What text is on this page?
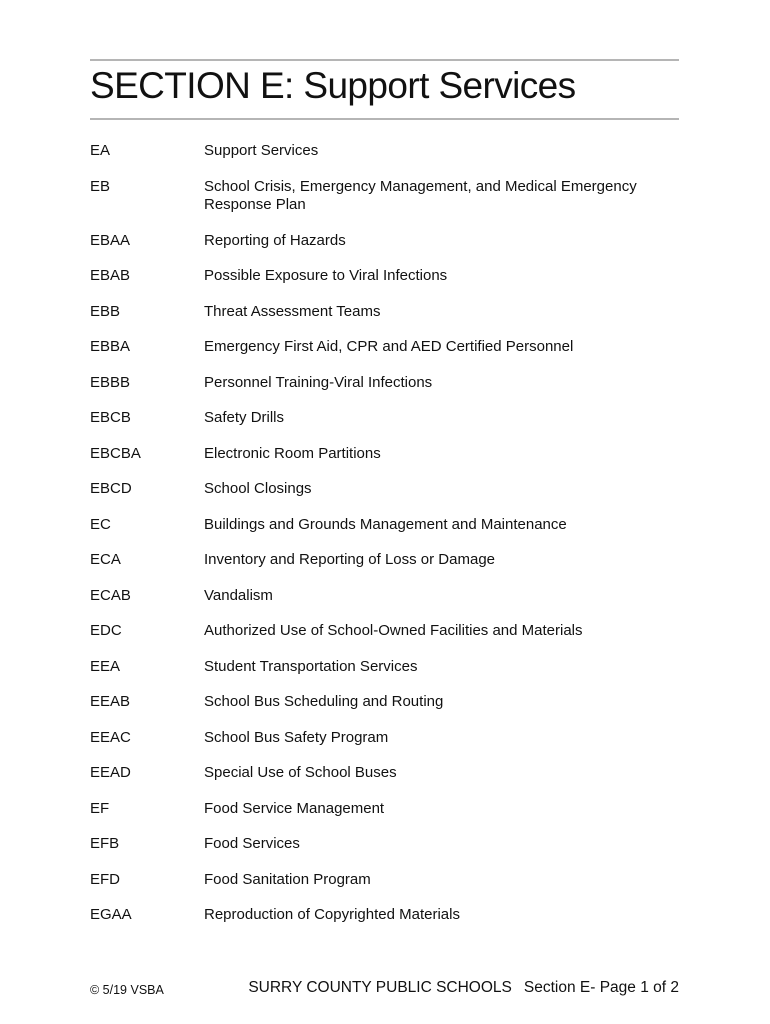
SECTION E: Support Services
EA	Support Services
EB	School Crisis, Emergency Management, and Medical Emergency Response Plan
EBAA	Reporting of Hazards
EBAB	Possible Exposure to Viral Infections
EBB	Threat Assessment Teams
EBBA	Emergency First Aid, CPR and AED Certified Personnel
EBBB	Personnel Training-Viral Infections
EBCB	Safety Drills
EBCBA	Electronic Room Partitions
EBCD	School Closings
EC	Buildings and Grounds Management and Maintenance
ECA	Inventory and Reporting of Loss or Damage
ECAB	Vandalism
EDC	Authorized Use of School-Owned Facilities and Materials
EEA	Student Transportation Services
EEAB	School Bus Scheduling and Routing
EEAC	School Bus Safety Program
EEAD	Special Use of School Buses
EF	Food Service Management
EFB	Food Services
EFD	Food Sanitation Program
EGAA	Reproduction of Copyrighted Materials
© 5/19 VSBA	SURRY COUNTY PUBLIC SCHOOLS Section E- Page 1 of 2
